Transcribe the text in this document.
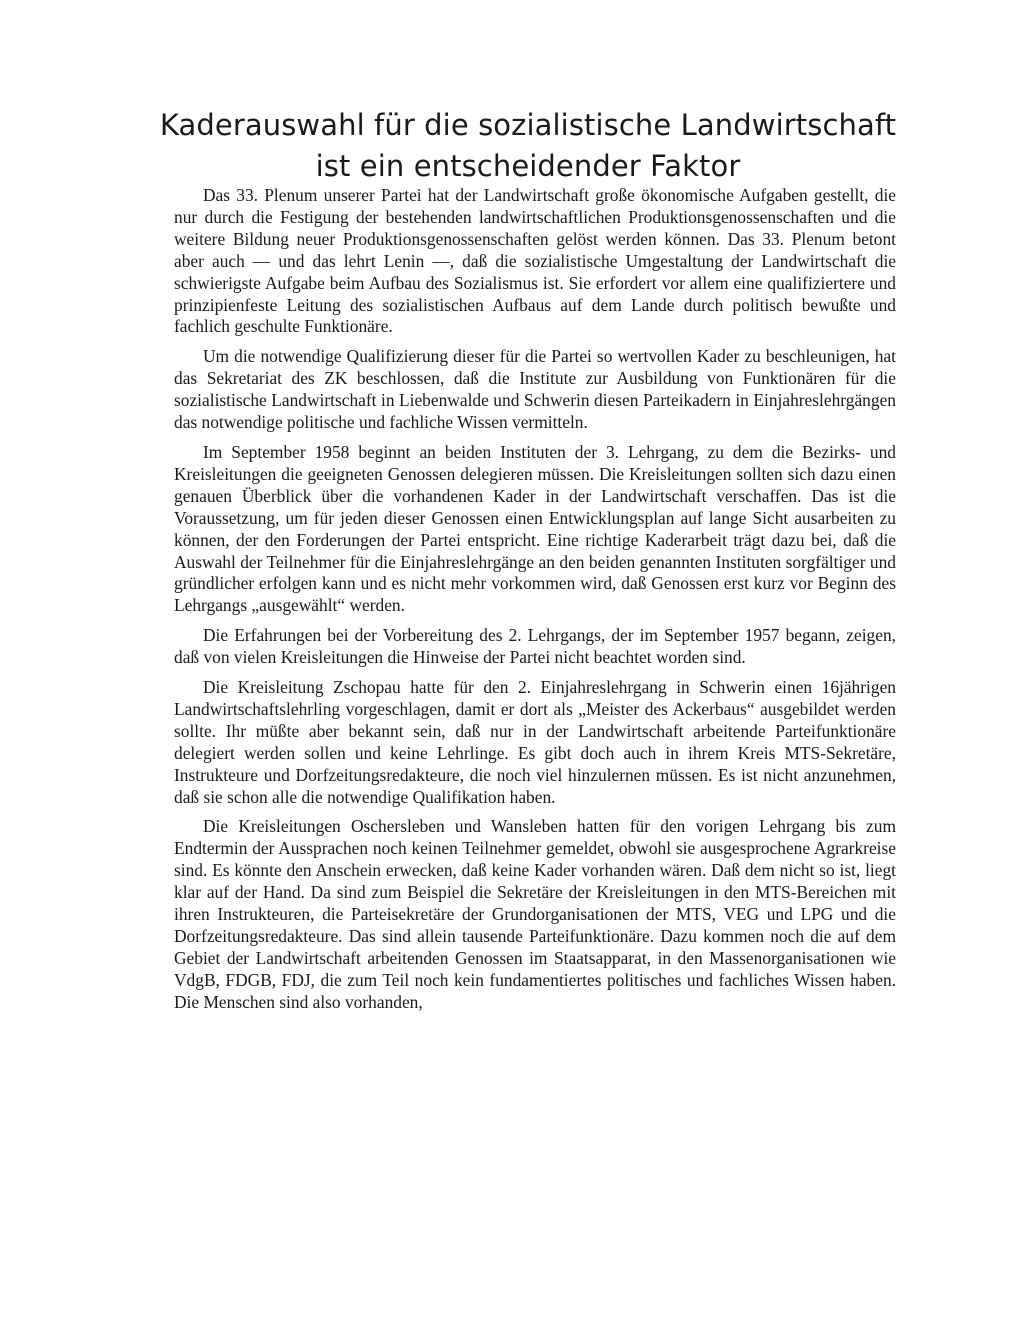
Kaderauswahl für die sozialistische Landwirtschaft
ist ein entscheidender Faktor

Das 33. Plenum unserer Partei hat der Landwirtschaft große ökonomische Aufgaben gestellt, die nur durch die Festigung der bestehenden landwirtschaftlichen Produktionsgenossenschaften und die weitere Bildung neuer Produktionsgenossenschaften gelöst werden können. Das 33. Plenum betont aber auch — und das lehrt Lenin —, daß die sozialistische Umgestaltung der Landwirtschaft die schwierigste Aufgabe beim Aufbau des Sozialismus ist. Sie erfordert vor allem eine qualifiziertere und prinzipienfeste Leitung des sozialistischen Aufbaus auf dem Lande durch politisch bewußte und fachlich geschulte Funktionäre.

Um die notwendige Qualifizierung dieser für die Partei so wertvollen Kader zu beschleunigen, hat das Sekretariat des ZK beschlossen, daß die Institute zur Ausbildung von Funktionären für die sozialistische Landwirtschaft in Liebenwalde und Schwerin diesen Parteikadern in Einjahreslehrgängen das notwendige politische und fachliche Wissen vermitteln.

Im September 1958 beginnt an beiden Instituten der 3. Lehrgang, zu dem die Bezirks- und Kreisleitungen die geeigneten Genossen delegieren müssen. Die Kreisleitungen sollten sich dazu einen genauen Überblick über die vorhandenen Kader in der Landwirtschaft verschaffen. Das ist die Voraussetzung, um für jeden dieser Genossen einen Entwicklungsplan auf lange Sicht ausarbeiten zu können, der den Forderungen der Partei entspricht. Eine richtige Kaderarbeit trägt dazu bei, daß die Auswahl der Teilnehmer für die Einjahreslehrgänge an den beiden genannten Instituten sorgfältiger und gründlicher erfolgen kann und es nicht mehr vorkommen wird, daß Genossen erst kurz vor Beginn des Lehrgangs „ausgewählt“ werden.

Die Erfahrungen bei der Vorbereitung des 2. Lehrgangs, der im September 1957 begann, zeigen, daß von vielen Kreisleitungen die Hinweise der Partei nicht beachtet worden sind.

Die Kreisleitung Zschopau hatte für den 2. Einjahreslehrgang in Schwerin einen 16jährigen Landwirtschaftslehrling vorgeschlagen, damit er dort als „Meister des Ackerbaus“ ausgebildet werden sollte. Ihr müßte aber bekannt sein, daß nur in der Landwirtschaft arbeitende Parteifunktionäre delegiert werden sollen und keine Lehrlinge. Es gibt doch auch in ihrem Kreis MTS-Sekretäre, Instrukteure und Dorfzeitungsredakteure, die noch viel hinzulernen müssen. Es ist nicht anzunehmen, daß sie schon alle die notwendige Qualifikation haben.

Die Kreisleitungen Oschersleben und Wansleben hatten für den vorigen Lehrgang bis zum Endtermin der Aussprachen noch keinen Teilnehmer gemeldet, obwohl sie ausgesprochene Agrarkreise sind. Es könnte den Anschein erwecken, daß keine Kader vorhanden wären. Daß dem nicht so ist, liegt klar auf der Hand. Da sind zum Beispiel die Sekretäre der Kreisleitungen in den MTS-Bereichen mit ihren Instrukteuren, die Parteisekretäre der Grundorganisationen der MTS, VEG und LPG und die Dorfzeitungsredakteure. Das sind allein tausende Parteifunktionäre. Dazu kommen noch die auf dem Gebiet der Landwirtschaft arbeitenden Genossen im Staatsapparat, in den Massenorganisationen wie VdgB, FDGB, FDJ, die zum Teil noch kein fundamentiertes politisches und fachliches Wissen haben. Die Menschen sind also vorhanden,
